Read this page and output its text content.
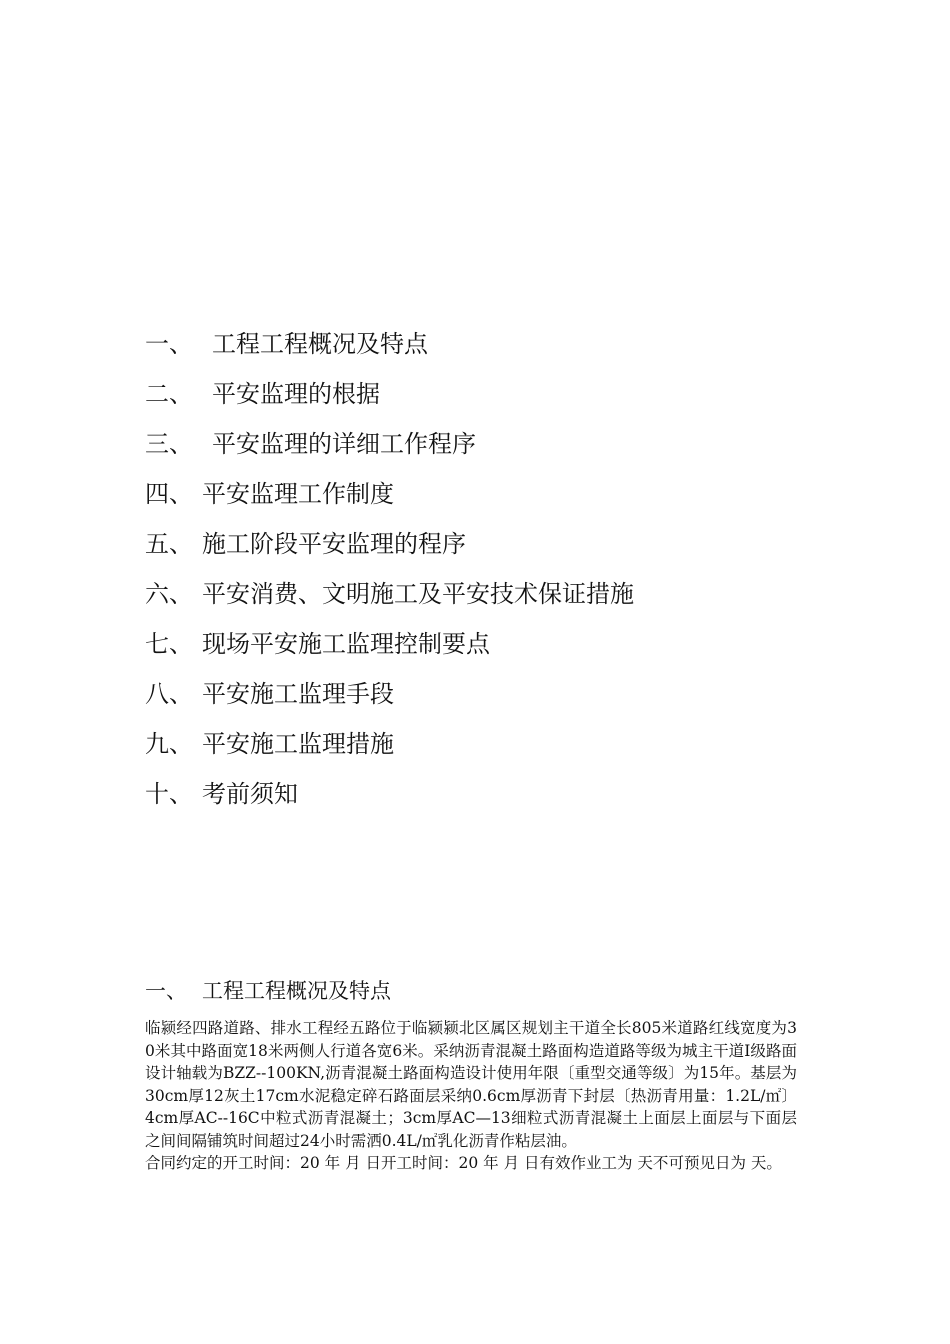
一、 工程工程概况及特点
二、 平安监理的根据
三、 平安监理的详细工作程序
四、 平安监理工作制度
五、 施工阶段平安监理的程序
六、 平安消费、文明施工及平安技术保证措施
七、 现场平安施工监理控制要点
八、 平安施工监理手段
九、 平安施工监理措施
十、 考前须知
一、 工程工程概况及特点

临颍经四路道路、排水工程经五路位于临颍颍北区属区规划主干道全长805米道路红线宽度为30米其中路面宽18米两侧人行道各宽6米。采纳沥青混凝土路面构造道路等级为城主干道Ⅰ级路面设计轴载为BZZ--100KN,沥青混凝土路面构造设计使用年限〔重型交通等级〕为15年。基层为30cm厚12灰土17cm水泥稳定碎石路面层采纳0.6cm厚沥青下封层〔热沥青用量：1.2L/㎡〕4cm厚AC--16C中粒式沥青混凝土；3cm厚AC—13细粒式沥青混凝土上面层上面层与下面层之间间隔铺筑时间超过24小时需洒0.4L/㎡乳化沥青作粘层油。

合同约定的开工时间：20 年 月 日开工时间：20 年 月 日有效作业工为 天不可预见日为 天。
